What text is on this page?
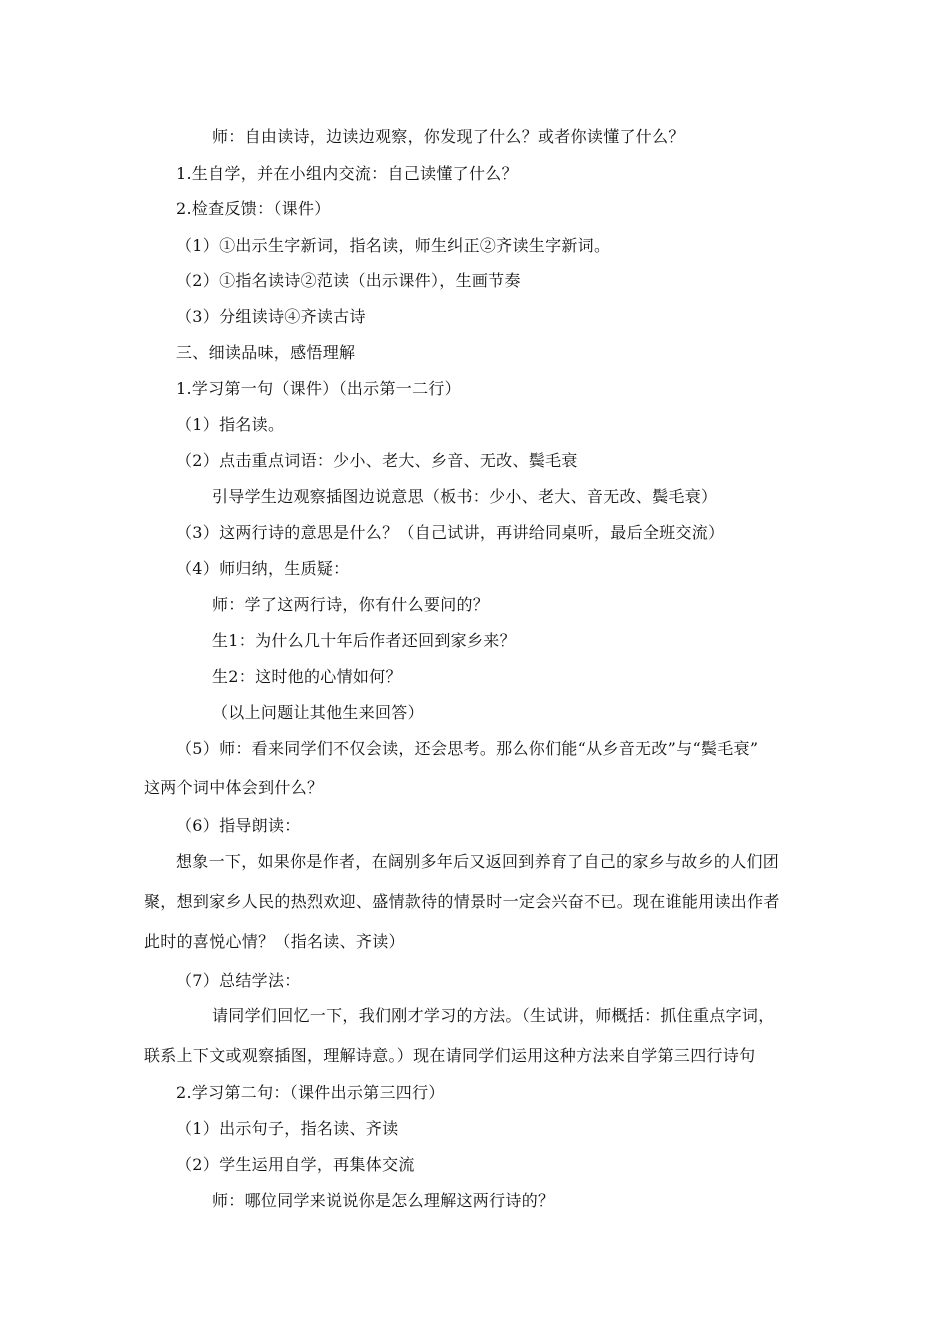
师：自由读诗，边读边观察，你发现了什么？或者你读懂了什么？
1.生自学，并在小组内交流：自己读懂了什么？
2.检查反馈：（课件）
（1）①出示生字新词，指名读，师生纠正②齐读生字新词。
（2）①指名读诗②范读（出示课件），生画节奏
（3）分组读诗④齐读古诗
三、细读品味，感悟理解
1.学习第一句（课件）（出示第一二行）
（1）指名读。
（2）点击重点词语：少小、老大、乡音、无改、鬓毛衰
引导学生边观察插图边说意思（板书：少小、老大、音无改、鬓毛衰）
（3）这两行诗的意思是什么？（自己试讲，再讲给同桌听，最后全班交流）
（4）师归纳，生质疑：
师：学了这两行诗，你有什么要问的？
生1：为什么几十年后作者还回到家乡来？
生2：这时他的心情如何？
（以上问题让其他生来回答）
（5）师：看来同学们不仅会读，还会思考。那么你们能“从乡音无改”与“鬓毛衰”
这两个词中体会到什么？
（6）指导朗读：
想象一下，如果你是作者，在阔别多年后又返回到养育了自己的家乡与故乡的人们团
聚，想到家乡人民的热烈欢迎、盛情款待的情景时一定会兴奋不已。现在谁能用读出作者
此时的喜悦心情？（指名读、齐读）
（7）总结学法：
请同学们回忆一下，我们刚才学习的方法。（生试讲，师概括：抓住重点字词，
联系上下文或观察插图，理解诗意。）现在请同学们运用这种方法来自学第三四行诗句
2.学习第二句：（课件出示第三四行）
（1）出示句子，指名读、齐读
（2）学生运用自学，再集体交流
师：哪位同学来说说你是怎么理解这两行诗的？
